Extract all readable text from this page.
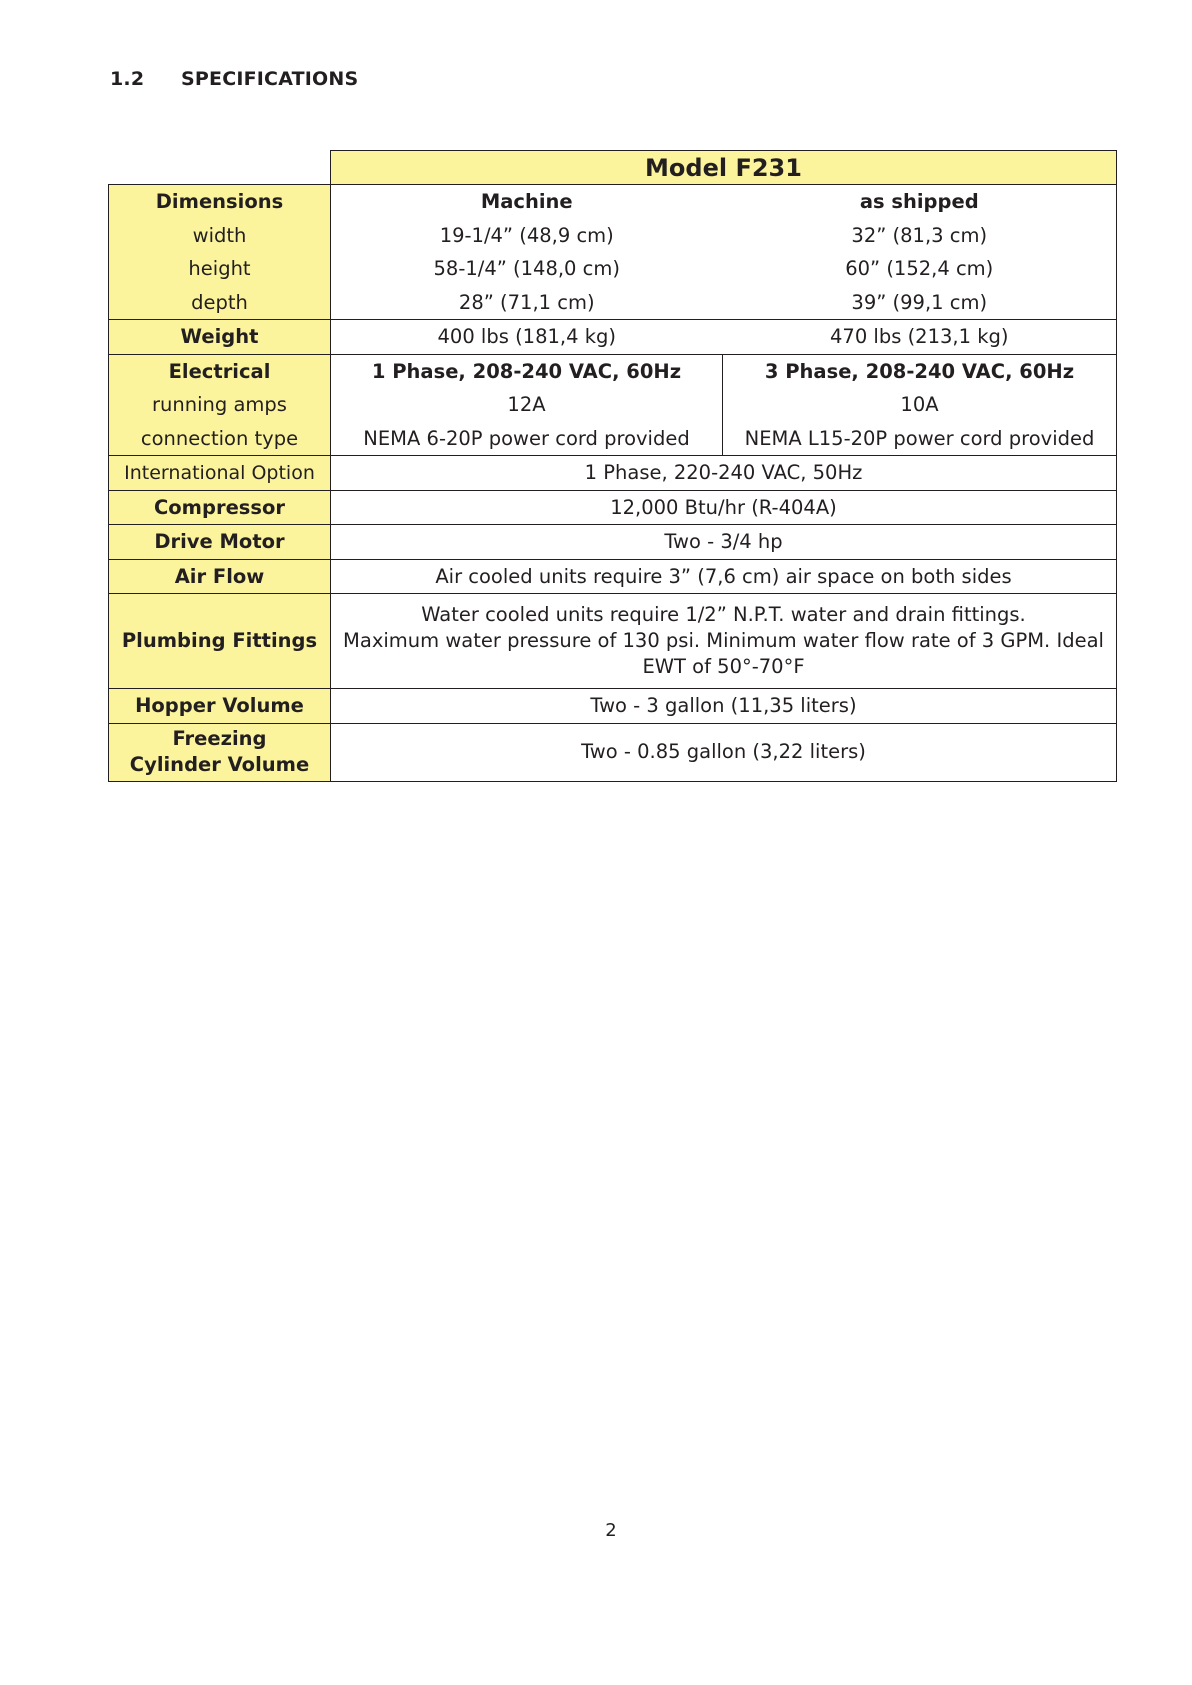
1.2 SPECIFICATIONS
	Model F231	
Dimensions	Machine	as shipped
width	19-1/4” (48,9 cm)	32” (81,3 cm)
height	58-1/4” (148,0 cm)	60” (152,4 cm)
depth	28” (71,1 cm)	39” (99,1 cm)
Weight	400 lbs (181,4 kg)	470 lbs (213,1 kg)
Electrical	1 Phase, 208-240 VAC, 60Hz	3 Phase, 208-240 VAC, 60Hz
running amps	12A	10A
connection type	NEMA 6-20P power cord provided	NEMA L15-20P power cord provided
International Option	1 Phase, 220-240 VAC, 50Hz	
Compressor	12,000 Btu/hr (R-404A)	
Drive Motor	Two - 3/4 hp	
Air Flow	Air cooled units require 3” (7,6 cm) air space on both sides	
Plumbing Fittings	Water cooled units require 1/2” N.P.T. water and drain fittings.
Maximum water pressure of 130 psi. Minimum water flow rate of 3 GPM. Ideal
EWT of 50°-70°F	

Hopper Volume	Two - 3 gallon (11,35 liters)	
Freezing Cylinder Volume	Two - 0.85 gallon (3,22 liters)	
2
